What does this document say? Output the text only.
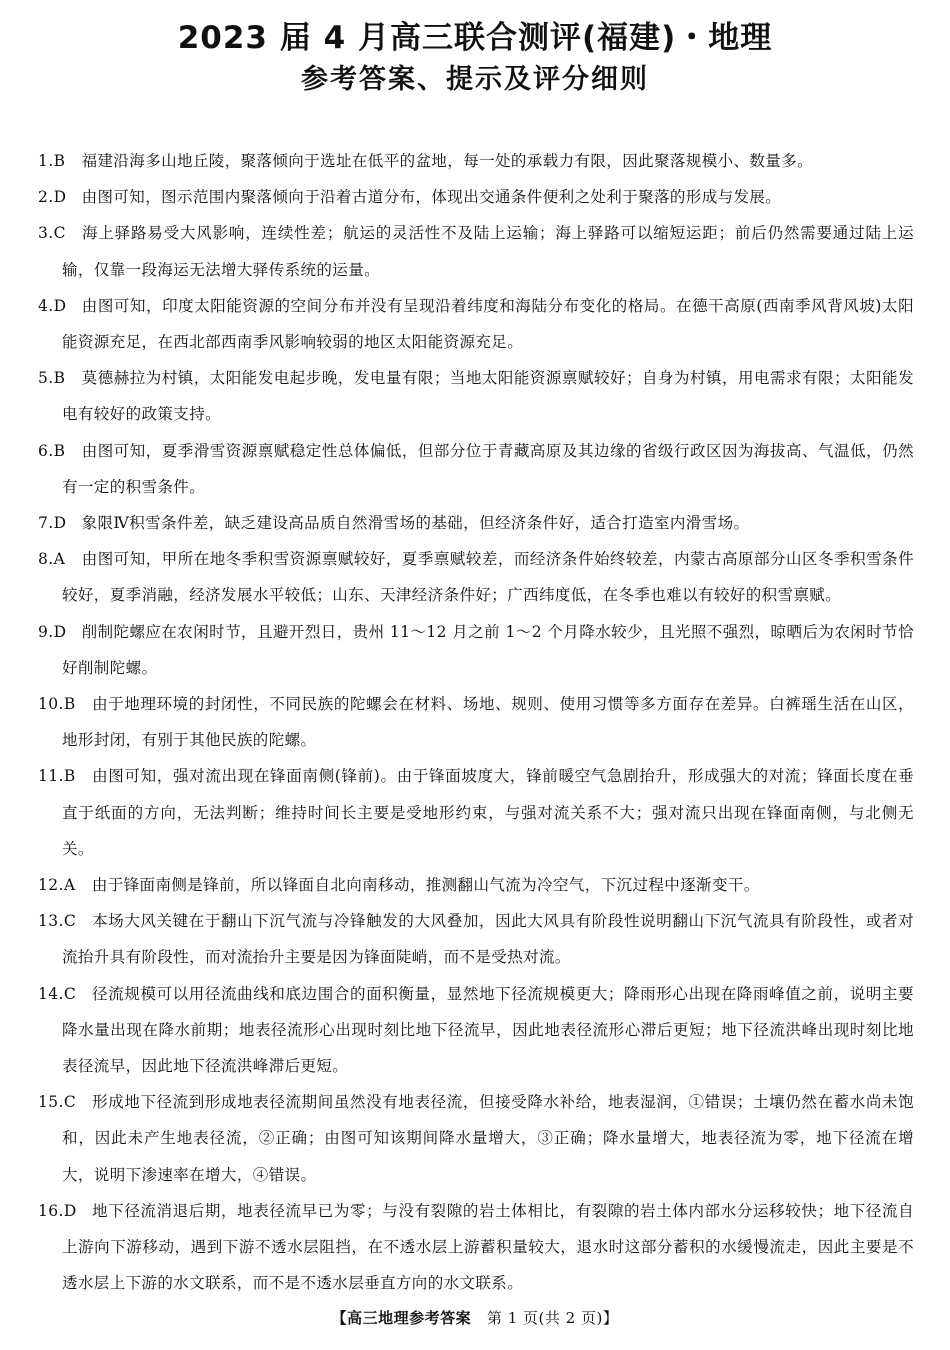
2023 届 4 月高三联合测评(福建)・地理
参考答案、提示及评分细则
1.B 福建沿海多山地丘陵，聚落倾向于选址在低平的盆地，每一处的承载力有限，因此聚落规模小、数量多。
2.D 由图可知，图示范围内聚落倾向于沿着古道分布，体现出交通条件便利之处利于聚落的形成与发展。
3.C 海上驿路易受大风影响，连续性差；航运的灵活性不及陆上运输；海上驿路可以缩短运距；前后仍然需要通过陆上运输，仅靠一段海运无法增大驿传系统的运量。
4.D 由图可知，印度太阳能资源的空间分布并没有呈现沿着纬度和海陆分布变化的格局。在德干高原(西南季风背风坡)太阳能资源充足，在西北部西南季风影响较弱的地区太阳能资源充足。
5.B 莫德赫拉为村镇，太阳能发电起步晚，发电量有限；当地太阳能资源禀赋较好；自身为村镇，用电需求有限；太阳能发电有较好的政策支持。
6.B 由图可知，夏季滑雪资源禀赋稳定性总体偏低，但部分位于青藏高原及其边缘的省级行政区因为海拔高、气温低，仍然有一定的积雪条件。
7.D 象限Ⅳ积雪条件差，缺乏建设高品质自然滑雪场的基础，但经济条件好，适合打造室内滑雪场。
8.A 由图可知，甲所在地冬季积雪资源禀赋较好，夏季禀赋较差，而经济条件始终较差，内蒙古高原部分山区冬季积雪条件较好，夏季消融，经济发展水平较低；山东、天津经济条件好；广西纬度低，在冬季也难以有较好的积雪禀赋。
9.D 削制陀螺应在农闲时节，且避开烈日，贵州 11～12 月之前 1～2 个月降水较少，且光照不强烈，晾晒后为农闲时节恰好削制陀螺。
10.B 由于地理环境的封闭性，不同民族的陀螺会在材料、场地、规则、使用习惯等多方面存在差异。白裤瑶生活在山区，地形封闭，有别于其他民族的陀螺。
11.B 由图可知，强对流出现在锋面南侧(锋前)。由于锋面坡度大，锋前暖空气急剧抬升，形成强大的对流；锋面长度在垂直于纸面的方向，无法判断；维持时间长主要是受地形约束，与强对流关系不大；强对流只出现在锋面南侧，与北侧无关。
12.A 由于锋面南侧是锋前，所以锋面自北向南移动，推测翻山气流为冷空气，下沉过程中逐渐变干。
13.C 本场大风关键在于翻山下沉气流与冷锋触发的大风叠加，因此大风具有阶段性说明翻山下沉气流具有阶段性，或者对流抬升具有阶段性，而对流抬升主要是因为锋面陡峭，而不是受热对流。
14.C 径流规模可以用径流曲线和底边围合的面积衡量，显然地下径流规模更大；降雨形心出现在降雨峰值之前，说明主要降水量出现在降水前期；地表径流形心出现时刻比地下径流早，因此地表径流形心滞后更短；地下径流洪峰出现时刻比地表径流早，因此地下径流洪峰滞后更短。
15.C 形成地下径流到形成地表径流期间虽然没有地表径流，但接受降水补给，地表湿润，①错误；土壤仍然在蓄水尚未饱和，因此未产生地表径流，②正确；由图可知该期间降水量增大，③正确；降水量增大，地表径流为零，地下径流在增大，说明下渗速率在增大，④错误。
16.D 地下径流消退后期，地表径流早已为零；与没有裂隙的岩土体相比，有裂隙的岩土体内部水分运移较快；地下径流自上游向下游移动，遇到下游不透水层阻挡，在不透水层上游蓄积量较大，退水时这部分蓄积的水缓慢流走，因此主要是不透水层上下游的水文联系，而不是不透水层垂直方向的水文联系。
【高三地理参考答案 第 1 页(共 2 页)】
